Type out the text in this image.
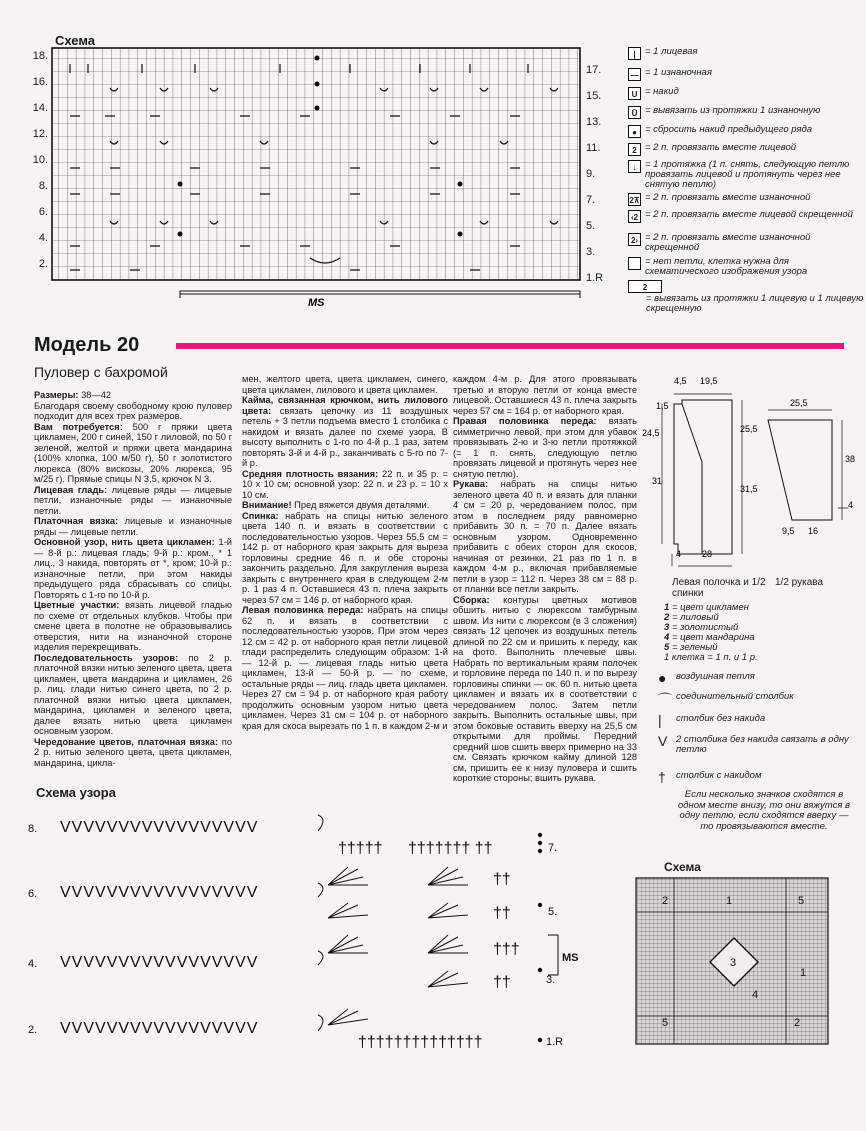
Схема
MS
18.
16.
14.
12.
10.
8.
6.
4.
2.
17.
15.
13.
11.
9.
7.
5.
3.
1.R
| = 1 лицевая
— = 1 изнаночная
U = накид
Ū = вывязать из протяжки 1 изнаночную
● = сбросить накид предыдущего ряда
2 = 2 п. провязать вместе лицевой
↓ = 1 протяжка (1 п. снять, следующую петлю провязать лицевой и протянуть через нее снятую петлю)
2⊼ = 2 п. провязать вместе изнаночной
‹2 = 2 п. провязать вместе лицевой скрещенной
2› = 2 п. провязать вместе изнаночной скрещенной
= нет петли, клетка нужна для схематического изображения узора
2
= вывязать из протяжки 1 лицевую и 1 лицевую скрещенную
Модель 20
Пуловер с бахромой

Размеры: 38—42

Благодаря своему свободному крою пуловер подходит для всех трех размеров.

Вам потребуется: 500 г пряжи цвета цикламен, 200 г синей, 150 г лиловой, по 50 г зеленой, желтой и пряжи цвета мандарина (100% хлопка, 100 м/50 г), 50 г золотистого люрекса (80% вискозы, 20% люрекса, 95 м/25 г). Прямые спицы N 3,5, крючок N 3.

Лицевая гладь: лицевые ряды — лицевые петли, изнаночные ряды — изнаночные петли.

Платочная вязка: лицевые и изнаночные ряды — лицевые петли.

Основной узор, нить цвета цикламен: 1-й — 8-й р.: лицевая гладь; 9-й р.: кром., * 1 лиц., 3 накида, повторять от *, кром; 10-й р.: изнаночные петли, при этом накиды предыдущего ряда сбрасывать со спицы. Повторять с 1-го по 10-й р.

Цветные участки: вязать лицевой гладью по схеме от отдельных клубков. Чтобы при смене цвета в полотне не образовывались отверстия, нити на изнаночной стороне изделия перекрещивать.

Последовательность узоров: по 2 р. платочной вязки нитью зеленого цвета, цвета цикламен, цвета мандарина и цикламен, 26 р. лиц. глади нитью синего цвета, по 2 р. платочной вязки нитью цвета цикламен, мандарина, цикламен и зеленого цвета, далее вязать нитью цвета цикламен основным узором.

Чередование цветов, платочная вязка: по 2 р. нитью зеленого цвета, цвета цикламен, мандарина, цикла-

мен, желтого цвета, цвета цикламен, синего, цвета цикламен, лилового и цвета цикламен.

Кайма, связанная крючком, нить лилового цвета: связать цепочку из 11 воздушных петель + 3 петли подъема вместо 1 столбика с накидом и вязать далее по схеме узора. В высоту выполнить с 1-го по 4-й р. 1 раз, затем повторять 3-й и 4-й р., заканчивать с 5-го по 7-й р.

Средняя плотность вязания: 22 п. и 35 р. = 10 x 10 см; основной узор: 22 п. и 23 р. = 10 x 10 см.

Внимание! Пред вяжется двумя деталями.

Спинка: набрать на спицы нитью зеленого цвета 140 п. и вязать в соответствии с последовательностью узоров. Через 55,5 см = 142 р. от наборного края закрыть для выреза горловины средние 46 п. и обе стороны закончить раздельно. Для закругления выреза закрыть с внутреннего края в следующем 2-м р. 1 раз 4 п. Оставшиеся 43 п. плеча закрыть через 57 см = 146 р. от наборного края.

Левая половинка переда: набрать на спицы 62 п. и вязать в соответствии с последовательностью узоров. При этом через 12 см = 42 р. от наборного края петли лицевой глади распределить следующим образом: 1-й — 12-й р. — лицевая гладь нитью цвета цикламен, 13-й — 50-й р. — по схеме, остальные ряды — лиц. гладь цвета цикламен. Через 27 см = 94 р. от наборного края работу продолжить основным узором нитью цвета цикламен. Через 31 см = 104 р. от наборного края для скоса вырезать по 1 п. в каждом 2-м и

каждом 4-м р. Для этого провязывать третью и вторую петли от конца вместе лицевой. Оставшиеся 43 п. плеча закрыть через 57 см = 164 р. от наборного края.

Правая половинка переда: вязать симметрично левой, при этом для убавок провязывать 2-ю и 3-ю петли протяжкой (= 1 п. снять, следующую петлю провязать лицевой и протянуть через нее снятую петлю).

Рукава: набрать на спицы нитью зеленого цвета 40 п. и вязать для планки 4 см = 20 р. чередованием полос, при этом в последнем ряду равномерно прибавить 30 п. = 70 п. Далее вязать основным узором. Одновременно прибавить с обеих сторон для скосов, начиная от резинки, 21 раз по 1 п. в каждом 4-м р., включая прибавляемые петли в узор = 112 п. Через 38 см = 88 р. от планки все петли закрыть.

Сборка: контуры цветных мотивов обшить нитью с люрексом тамбурным швом. Из нити с люрексом (в 3 сложения) связать 12 цепочек из воздушных петель длиной по 22 см и пришить к переду, как на фото. Выполнить плечевые швы. Набрать по вертикальным краям полочек и горловине переда по 140 п. и по вырезу горловины спинки — ок. 60 п. нитью цвета цикламен и вязать их в соответствии с чередованием полос. Затем петли закрыть. Выполнить остальные швы, при этом боковые оставить вверху на 25,5 см открытыми для проймы. Передний средний шов сшить вверх примерно на 33 см. Связать крючком кайму длиной 128 см, пришить ее к низу пуловера и сшить короткие стороны; вшить рукава.

4,5 19,5
1,5
24,5	25,5
31
31,5
4 28
25,5
38
4
9,5 16
Левая полочка и 1/2 спинки
1/2 рукава
1 = цвет цикламен
2 = лиловый
3 = золотистый
4 = цвет мандарина
5 = зеленый
1 клетка = 1 п. и 1 р.
● воздушная петля
⌒ соединительный столбик
| столбик без накида
V 2 столбика без накида связать в одну петлю
† столбик с накидом
Если несколько значков сходятся в одном месте внизу, то они вяжутся в одну петлю, если сходятся вверху — то провязываются вместе.
Схема узора
VVVVVVVVVVVVVVVVV
VVVVVVVVVVVVVVVVV
VVVVVVVVVVVVVVVVV
VVVVVVVVVVVVVVVVV
††††† ††††††† ††
††
††
†††
††
††††††††††††††
8.
6.
4.
2.
7.
5.
3.
1.R
MS
Схема
2	1	5
3
1
4
5	2
